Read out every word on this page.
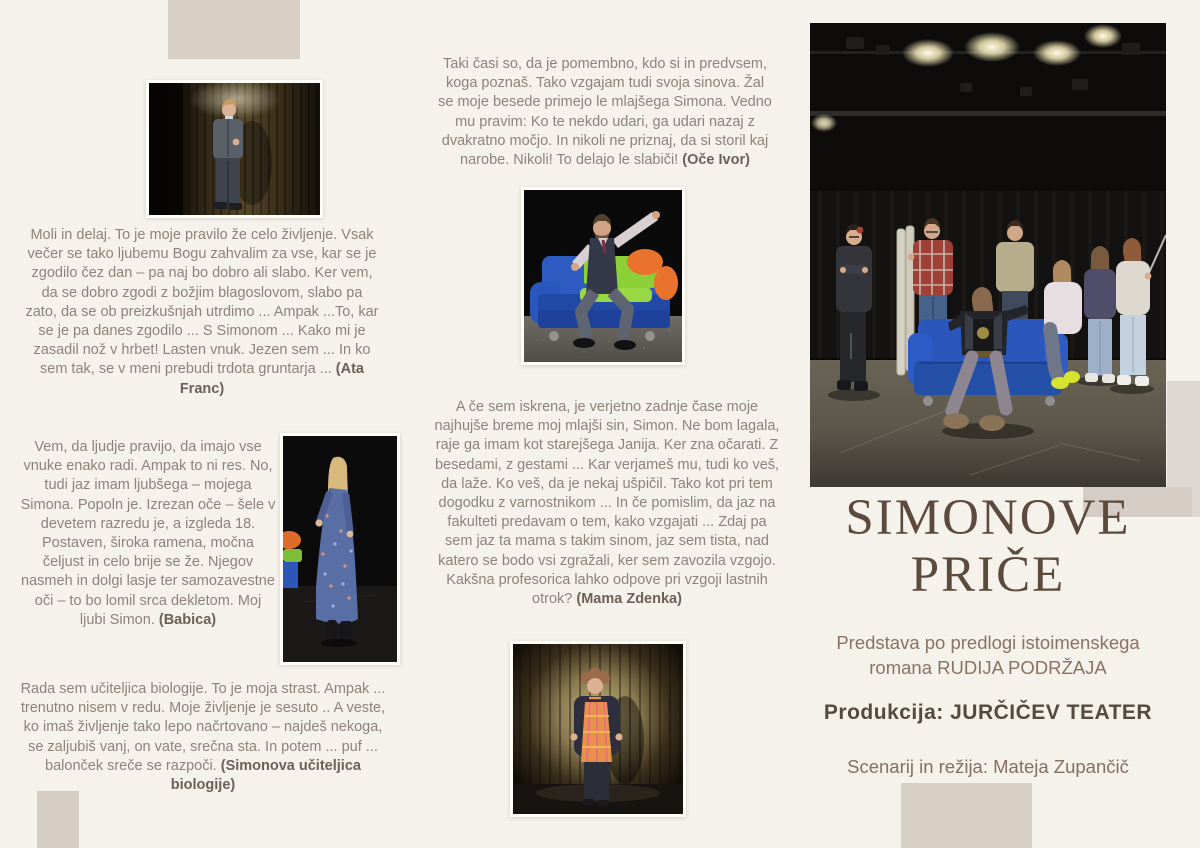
Moli in delaj. To je moje pravilo že celo življenje. Vsak večer se tako ljubemu Bogu zahvalim za vse, kar se je zgodilo čez dan – pa naj bo dobro ali slabo. Ker vem, da se dobro zgodi z božjim blagoslovom, slabo pa zato, da se ob preizkušnjah utrdimo ... Ampak ...To, kar se je pa danes zgodilo ... S Simonom ... Kako mi je zasadil nož v hrbet! Lasten vnuk. Jezen sem ... In ko sem tak, se v meni prebudi trdota gruntarja ... (Ata Franc)

Vem, da ljudje pravijo, da imajo vse vnuke enako radi. Ampak to ni res. No, tudi jaz imam ljubšega – mojega Simona. Popoln je. Izrezan oče – šele v devetem razredu je, a izgleda 18. Postaven, široka ramena, močna čeljust in celo brije se že. Njegov nasmeh in dolgi lasje ter samozavestne oči – to bo lomil srca dekletom. Moj ljubi Simon. (Babica)

Rada sem učiteljica biologije. To je moja strast. Ampak ... trenutno nisem v redu. Moje življenje je sesuto .. A veste, ko imaš življenje tako lepo načrtovano – najdeš nekoga, se zaljubiš vanj, on vate, srečna sta. In potem ... puf ... balonček sreče se razpoči. (Simonova učiteljica biologije)

Taki časi so, da je pomembno, kdo si in predvsem, koga poznaš. Tako vzgajam tudi svoja sinova. Žal se moje besede primejo le mlajšega Simona. Vedno mu pravim: Ko te nekdo udari, ga udari nazaj z dvakratno močjo. In nikoli ne priznaj, da si storil kaj narobe. Nikoli! To delajo le slabiči! (Oče Ivor)

A če sem iskrena, je verjetno zadnje čase moje najhujše breme moj mlajši sin, Simon. Ne bom lagala, raje ga imam kot starejšega Janija. Ker zna očarati. Z besedami, z gestami ... Kar verjameš mu, tudi ko veš, da laže. Ko veš, da je nekaj ušpičil. Tako kot pri tem dogodku z varnostnikom ... In če pomislim, da jaz na fakulteti predavam o tem, kako vzgajati ... Zdaj pa sem jaz ta mama s takim sinom, jaz sem tista, nad katero se bodo vsi zgražali, ker sem zavozila vzgojo. Kakšna profesorica lahko odpove pri vzgoji lastnih otrok? (Mama Zdenka)

SIMONOVE
PRIČE

Predstava po predlogi istoimenskega romana RUDIJA PODRŽAJA

Produkcija: JURČIČEV TEATER

Scenarij in režija: Mateja Zupančič
